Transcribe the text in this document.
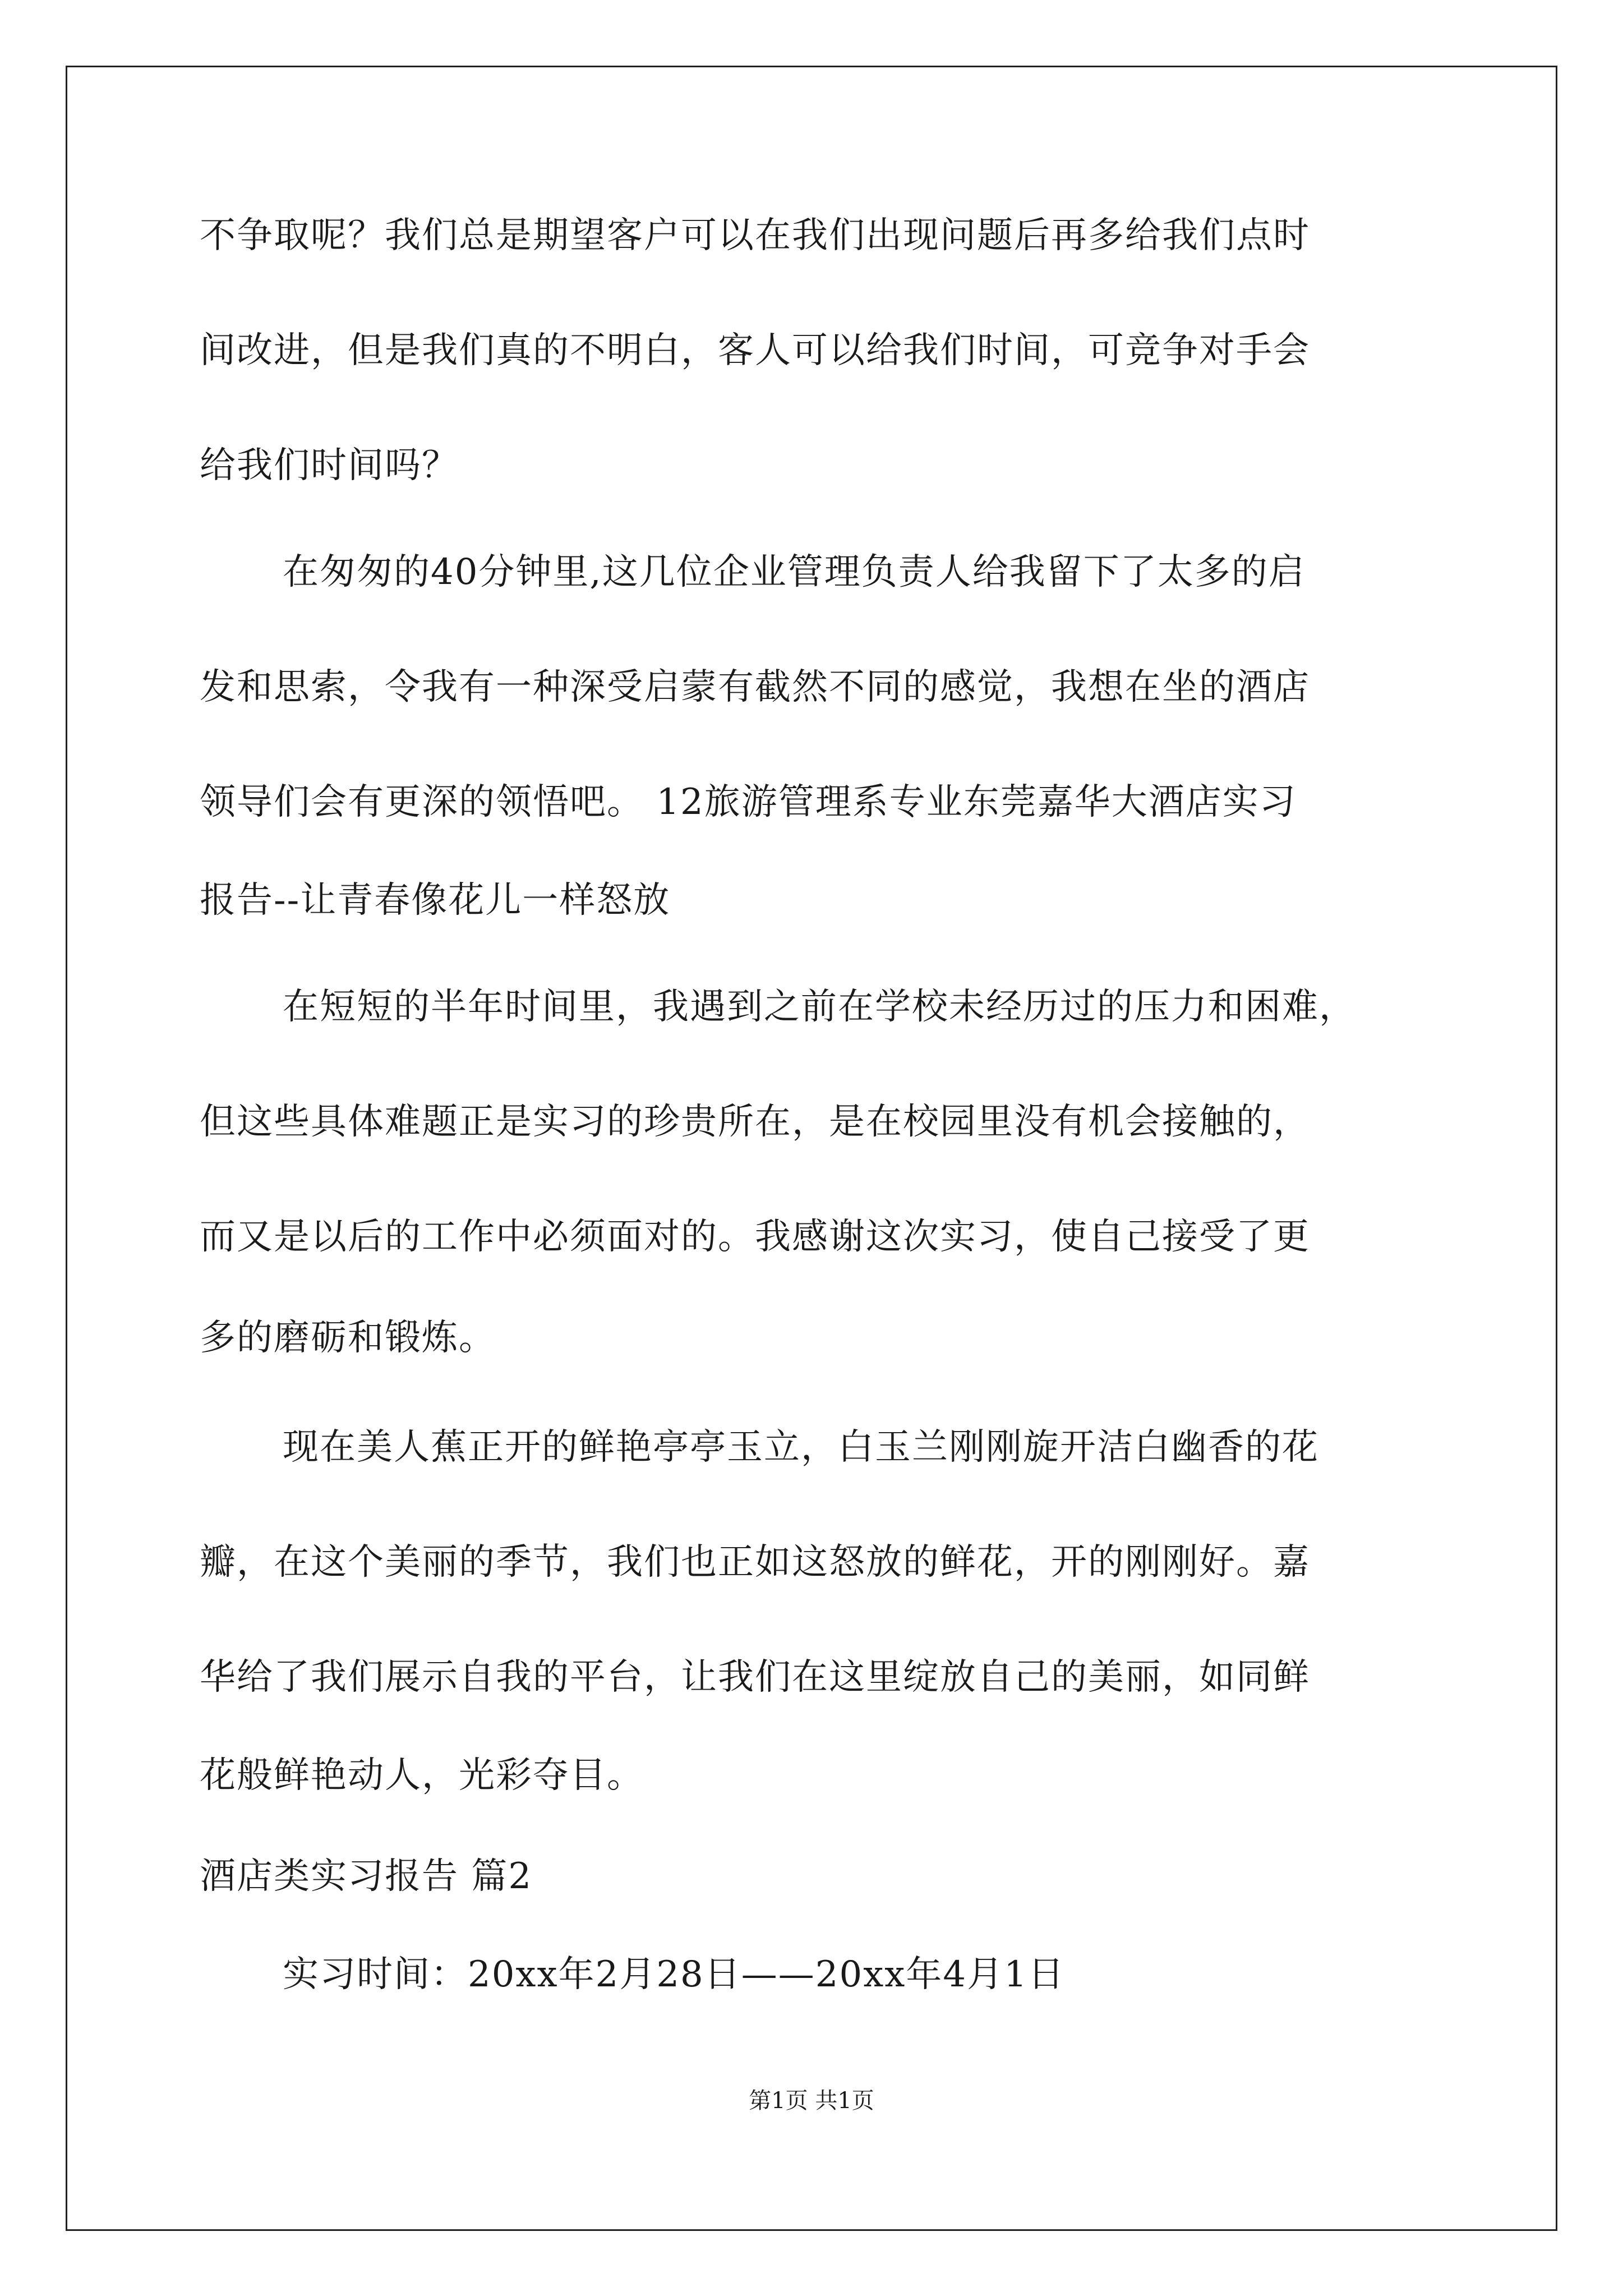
不争取呢？我们总是期望客户可以在我们出现问题后再多给我们点时
间改进，但是我们真的不明白，客人可以给我们时间，可竞争对手会
给我们时间吗？
在匆匆的40分钟里,这几位企业管理负责人给我留下了太多的启
发和思索，令我有一种深受启蒙有截然不同的感觉，我想在坐的酒店
领导们会有更深的领悟吧。 12旅游管理系专业东莞嘉华大酒店实习
报告--让青春像花儿一样怒放
在短短的半年时间里，我遇到之前在学校未经历过的压力和困难，
但这些具体难题正是实习的珍贵所在，是在校园里没有机会接触的，
而又是以后的工作中必须面对的。我感谢这次实习，使自己接受了更
多的磨砺和锻炼。
现在美人蕉正开的鲜艳亭亭玉立，白玉兰刚刚旋开洁白幽香的花
瓣，在这个美丽的季节，我们也正如这怒放的鲜花，开的刚刚好。嘉
华给了我们展示自我的平台，让我们在这里绽放自己的美丽，如同鲜
花般鲜艳动人，光彩夺目。
酒店类实习报告 篇2
实习时间：20xx年2月28日——20xx年4月1日
第1页 共1页
